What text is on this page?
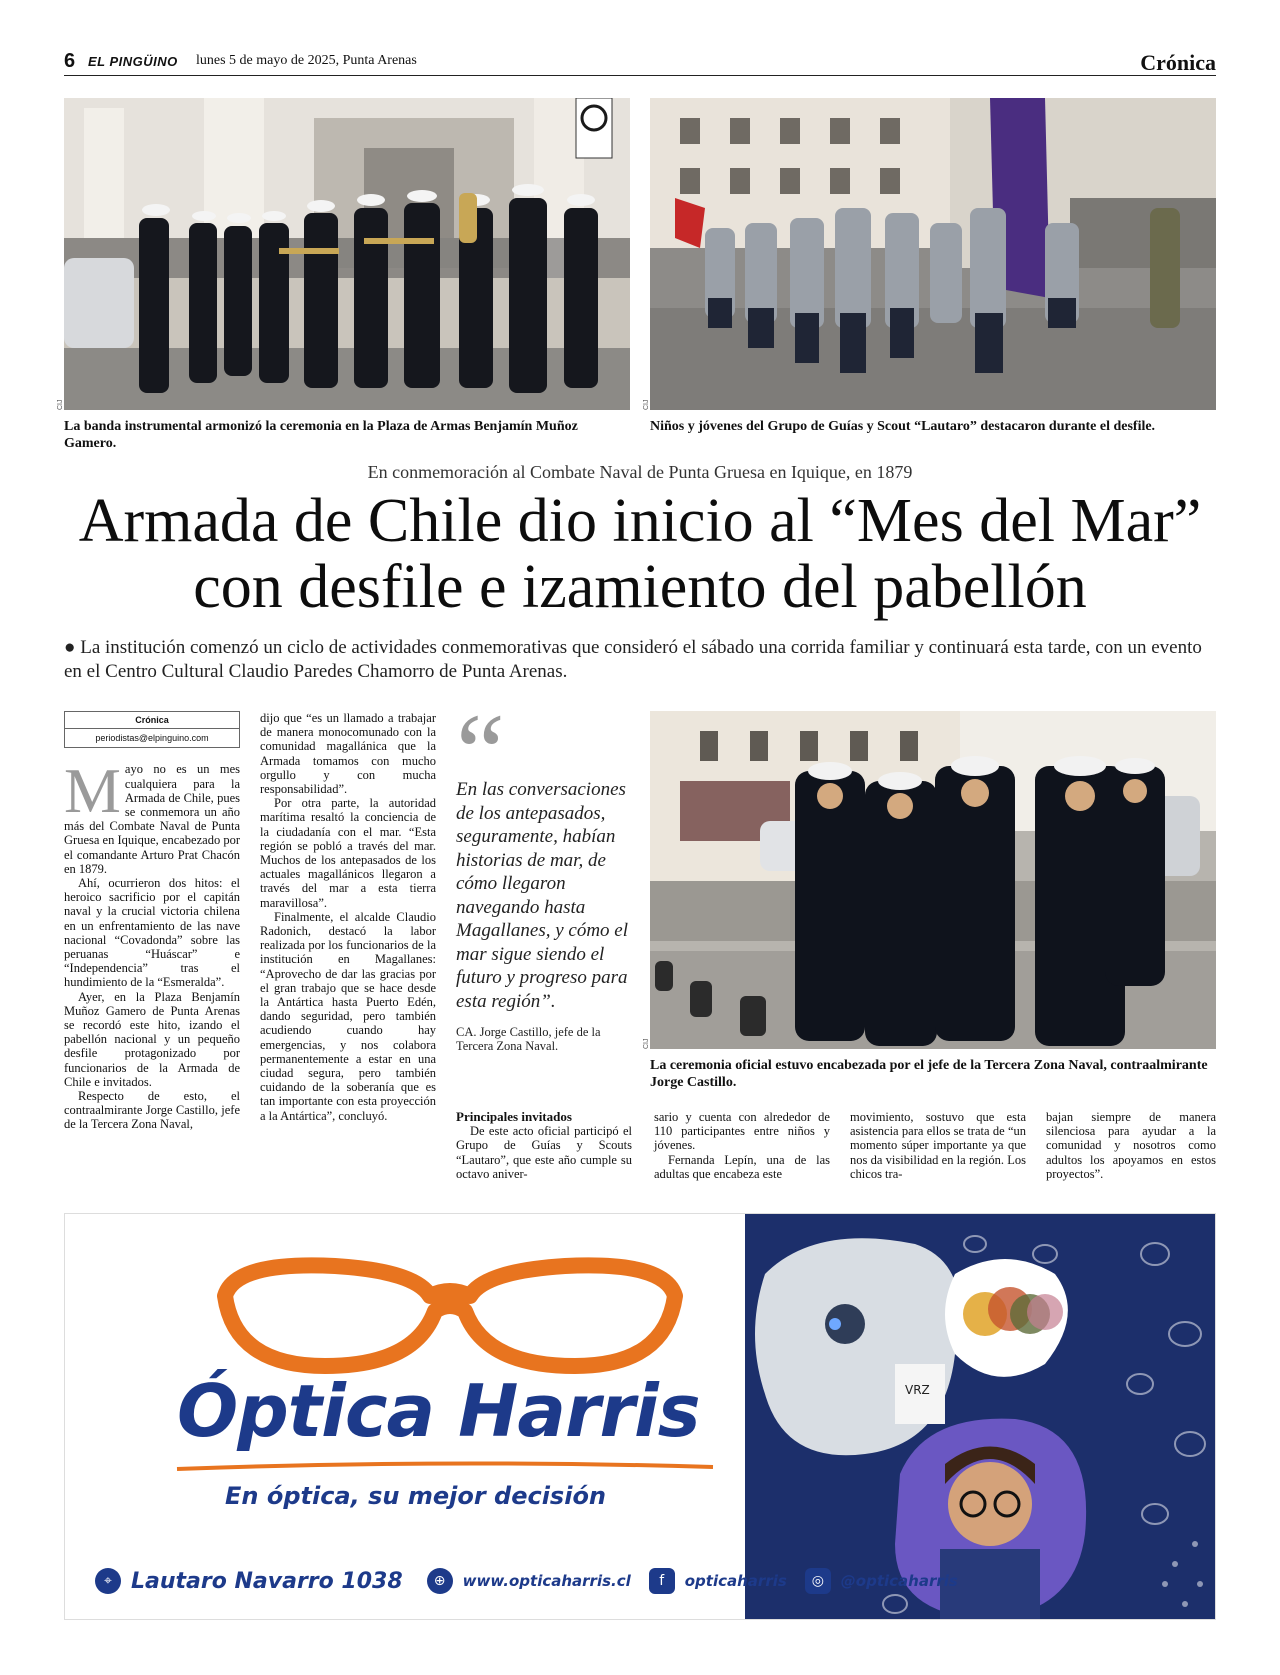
6 EL PINGÜINO lunes 5 de mayo de 2025, Punta Arenas	Crónica
CIJ
La banda instrumental armonizó la ceremonia en la Plaza de Armas Benjamín Muñoz Gamero.
CIJ
Niños y jóvenes del Grupo de Guías y Scout “Lautaro” destacaron durante el desfile.
En conmemoración al Combate Naval de Punta Gruesa en Iquique, en 1879
Armada de Chile dio inicio al “Mes del Mar” con desfile e izamiento del pabellón
● La institución comenzó un ciclo de actividades conmemorativas que consideró el sábado una corrida familiar y continuará esta tarde, con un evento en el Centro Cultural Claudio Paredes Chamorro de Punta Arenas.
Crónica
periodistas@elpinguino.com

Mayo no es un mes cualquiera para la Armada de Chile, pues se conmemora un año más del Combate Naval de Punta Gruesa en Iquique, encabezado por el comandante Arturo Prat Chacón en 1879.

Ahí, ocurrieron dos hitos: el heroico sacrificio por el capitán naval y la crucial victoria chilena en un enfrentamiento de las nave nacional “Covadonda” sobre las peruanas “Huáscar” e “Independencia” tras el hundimiento de la “Esmeralda”.

Ayer, en la Plaza Benjamín Muñoz Gamero de Punta Arenas se recordó este hito, izando el pabellón nacional y un pequeño desfile protagonizado por funcionarios de la Armada de Chile e invitados.

Respecto de esto, el contraalmirante Jorge Castillo, jefe de la Tercera Zona Naval,

dijo que “es un llamado a trabajar de manera monocomunado con la comunidad magallánica que la Armada tomamos con mucho orgullo y con mucha responsabilidad”.

Por otra parte, la autoridad marítima resaltó la conciencia de la ciudadanía con el mar. “Esta región se pobló a través del mar. Muchos de los antepasados de los actuales magallánicos llegaron a través del mar a esta tierra maravillosa”.

Finalmente, el alcalde Claudio Radonich, destacó la labor realizada por los funcionarios de la institución en Magallanes: “Aprovecho de dar las gracias por el gran trabajo que se hace desde la Antártica hasta Puerto Edén, dando seguridad, pero también acudiendo cuando hay emergencias, y nos colabora permanentemente a estar en una ciudad segura, pero también cuidando de la soberanía que es tan importante con esta proyección a la Antártica”, concluyó.

“
En las conversaciones de los antepasados, seguramente, habían historias de mar, de cómo llegaron navegando hasta Magallanes, y cómo el mar sigue siendo el futuro y progreso para esta región”.
CA. Jorge Castillo, jefe de la Tercera Zona Naval.
Principales invitados

De este acto oficial participó el Grupo de Guías y Scouts “Lautaro”, que este año cumple su octavo aniver-

CIJ
La ceremonia oficial estuvo encabezada por el jefe de la Tercera Zona Naval, contraalmirante Jorge Castillo.

sario y cuenta con alrededor de 110 participantes entre niños y jóvenes.

Fernanda Lepín, una de las adultas que encabeza este

movimiento, sostuvo que esta asistencia para ellos se trata de “un momento súper importante ya que nos da visibilidad en la región. Los chicos tra-

bajan siempre de manera silenciosa para ayudar a la comunidad y nosotros como adultos los apoyamos en estos proyectos”.

VRZ
Óptica Harris
En óptica, su mejor decisión
⌖ Lautaro Navarro 1038	⊕	www.opticaharris.cl	f	opticaharris	◎	@opticaharris
